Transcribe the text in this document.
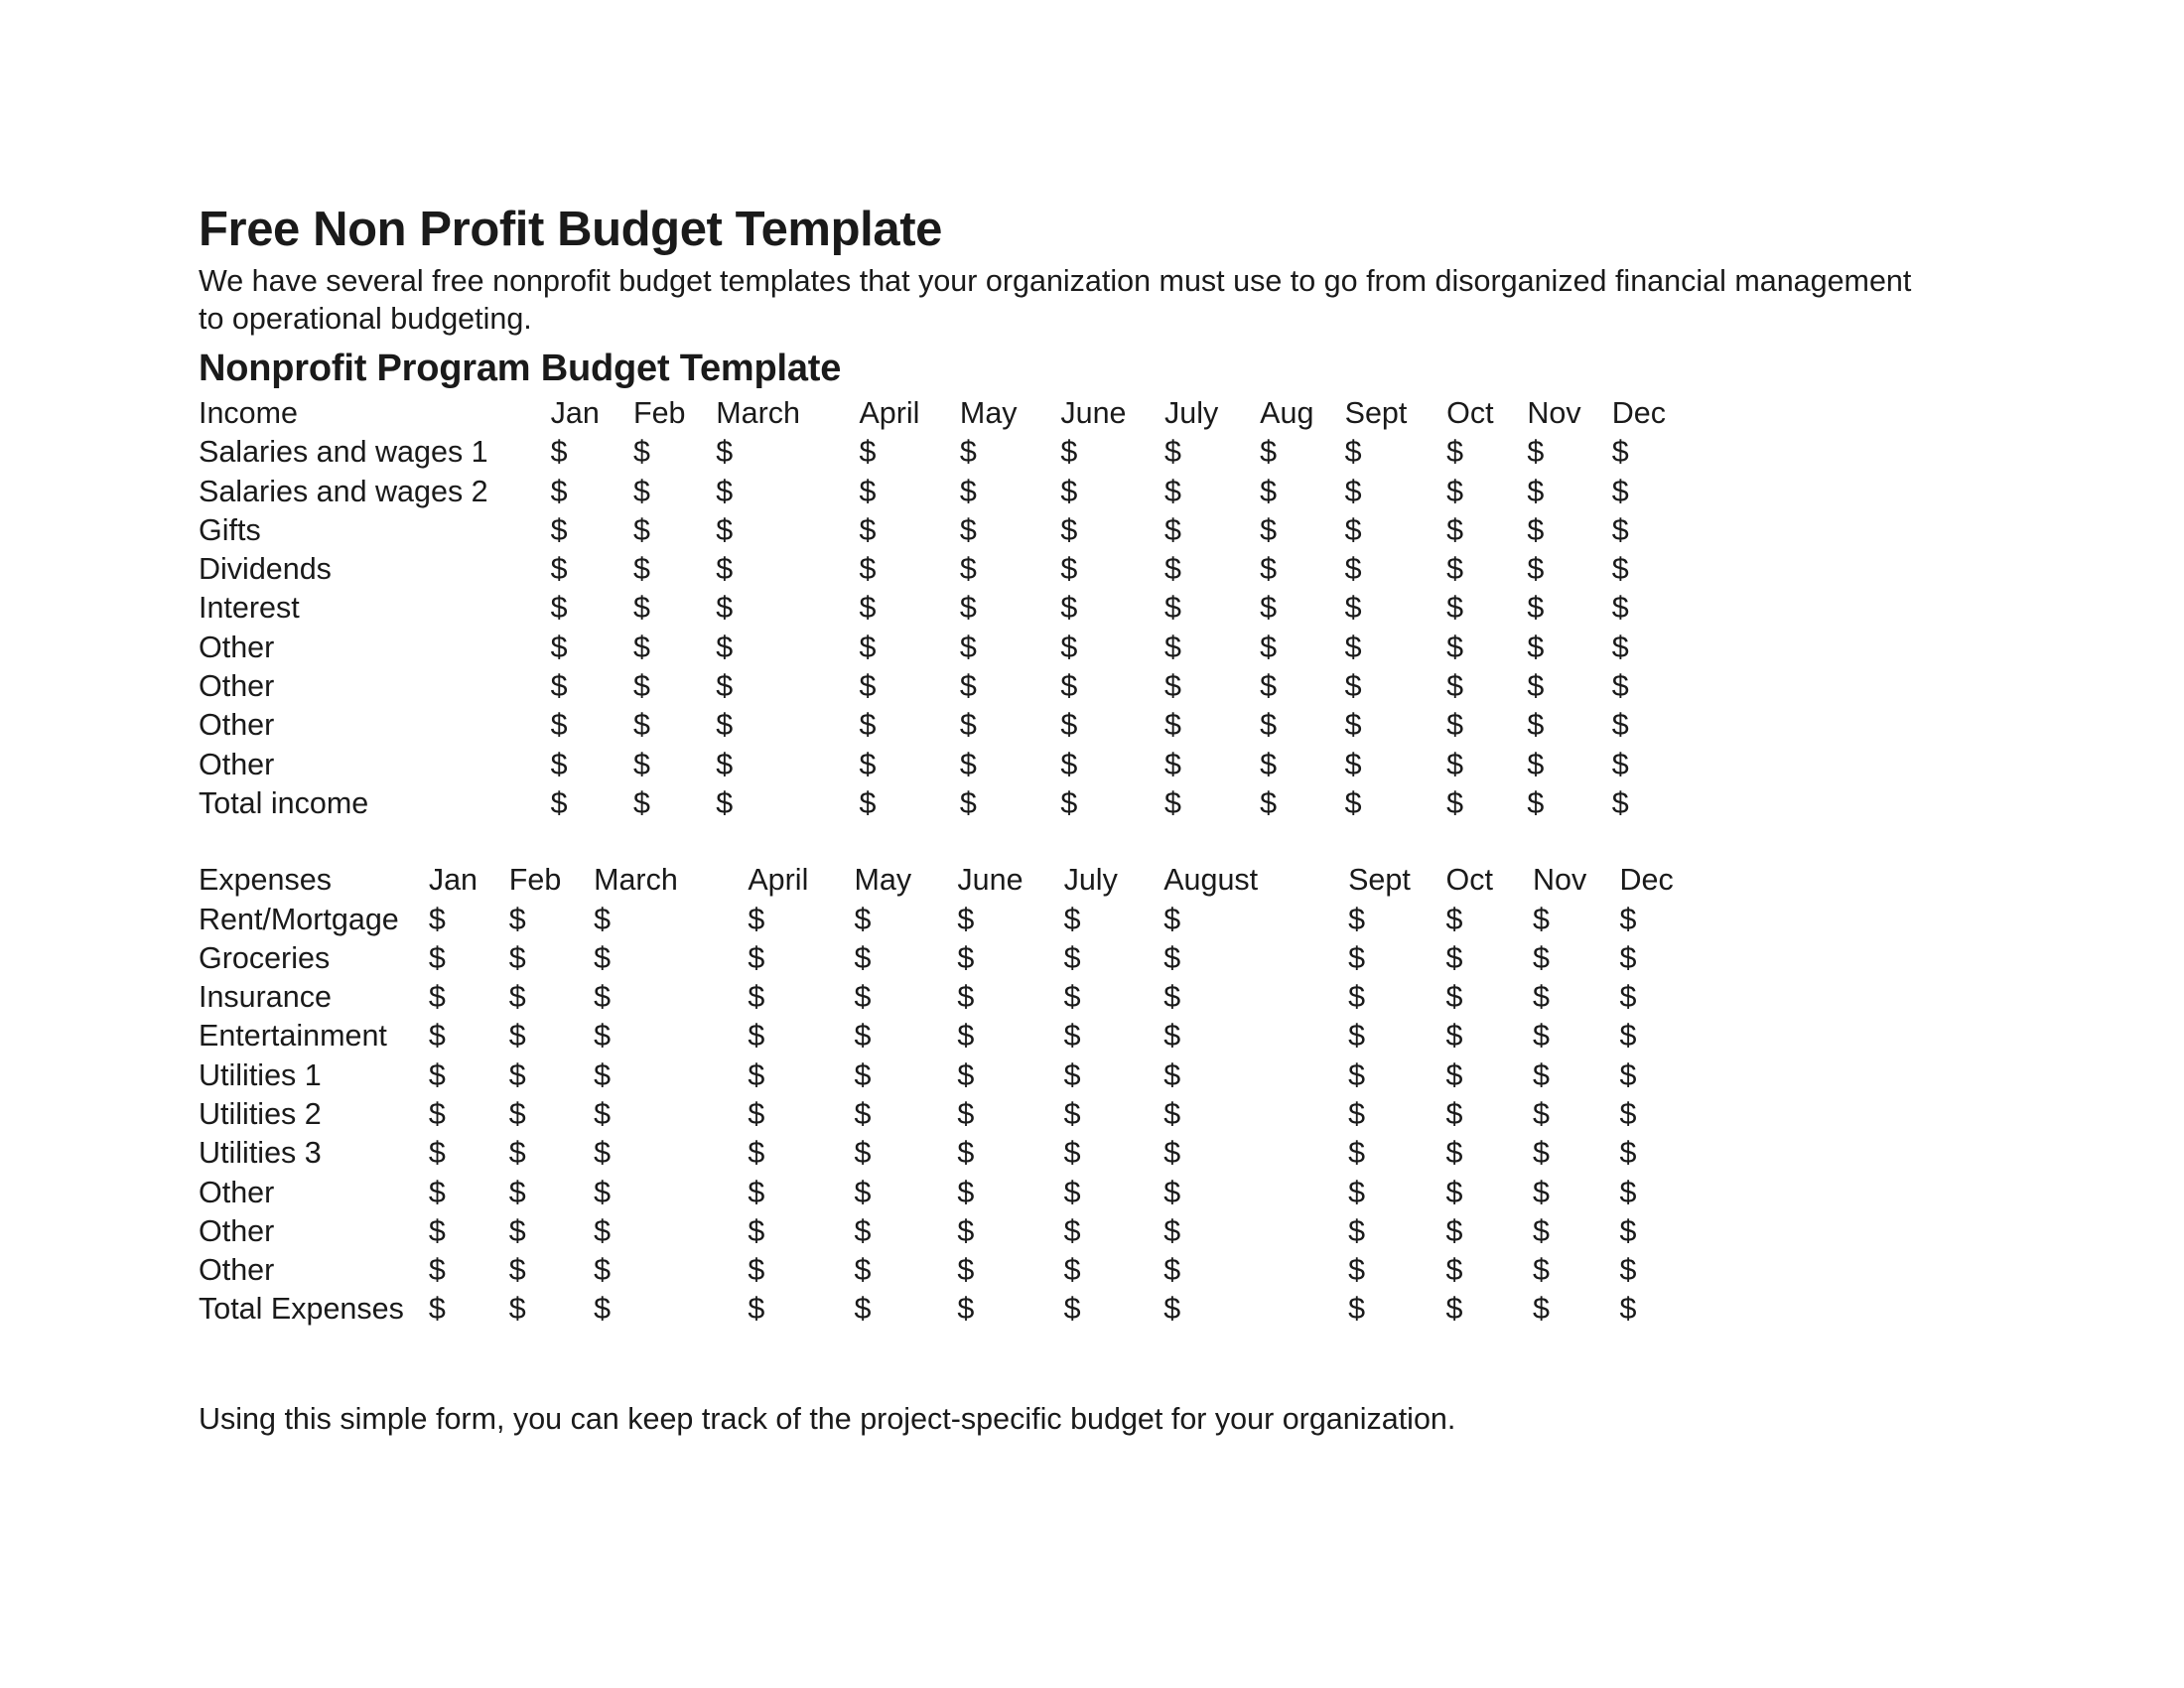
Free Non Profit Budget Template

We have several free nonprofit budget templates that your organization must use to go from disorganized financial management to operational budgeting.

Nonprofit Program Budget Template
Income	Jan	Feb	March	April	May	June	July	Aug	Sept	Oct	Nov	Dec
Salaries and wages 1	$	$	$	$	$	$	$	$	$	$	$	$
Salaries and wages 2	$	$	$	$	$	$	$	$	$	$	$	$
Gifts	$	$	$	$	$	$	$	$	$	$	$	$
Dividends	$	$	$	$	$	$	$	$	$	$	$	$
Interest	$	$	$	$	$	$	$	$	$	$	$	$
Other	$	$	$	$	$	$	$	$	$	$	$	$
Other	$	$	$	$	$	$	$	$	$	$	$	$
Other	$	$	$	$	$	$	$	$	$	$	$	$
Other	$	$	$	$	$	$	$	$	$	$	$	$
Total income	$	$	$	$	$	$	$	$	$	$	$	$
Expenses	Jan	Feb	March	April	May	June	July	August	Sept	Oct	Nov	Dec
Rent/Mortgage	$	$	$	$	$	$	$	$	$	$	$	$
Groceries	$	$	$	$	$	$	$	$	$	$	$	$
Insurance	$	$	$	$	$	$	$	$	$	$	$	$
Entertainment	$	$	$	$	$	$	$	$	$	$	$	$
Utilities 1	$	$	$	$	$	$	$	$	$	$	$	$
Utilities 2	$	$	$	$	$	$	$	$	$	$	$	$
Utilities 3	$	$	$	$	$	$	$	$	$	$	$	$
Other	$	$	$	$	$	$	$	$	$	$	$	$
Other	$	$	$	$	$	$	$	$	$	$	$	$
Other	$	$	$	$	$	$	$	$	$	$	$	$
Total Expenses	$	$	$	$	$	$	$	$	$	$	$	$

Using this simple form, you can keep track of the project-specific budget for your organization.
